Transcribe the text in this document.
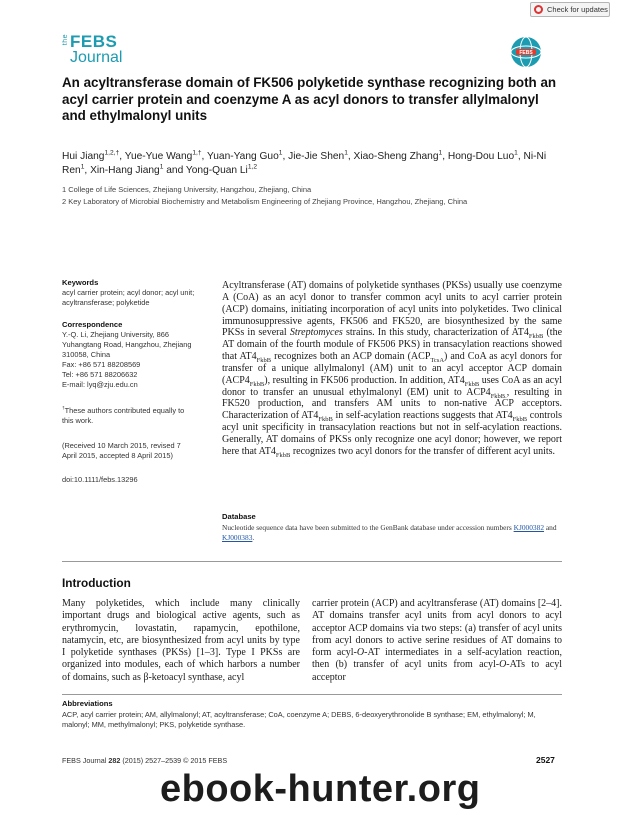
Check for updates
the FEBS
Journal	FEBS
An acyltransferase domain of FK506 polyketide synthase recognizing both an acyl carrier protein and coenzyme A as acyl donors to transfer allylmalonyl and ethylmalonyl units
Hui Jiang$^{1,2,\dagger}$, Yue-Yue Wang$^{1,\dagger}$, Yuan-Yang Guo$^1$, Jie-Jie Shen$^1$, Xiao-Sheng Zhang$^1$, Hong-Dou Luo$^1$, Ni-Ni Ren$^1$, Xin-Hang Jiang$^1$ and Yong-Quan Li$^{1,2}$
1 College of Life Sciences, Zhejiang University, Hangzhou, Zhejiang, China
2 Key Laboratory of Microbial Biochemistry and Metabolism Engineering of Zhejiang Province, Hangzhou, Zhejiang, China
Keywords
acyl carrier protein; acyl donor; acyl unit; acyltransferase; polyketide
Correspondence
Y.-Q. Li, Zhejiang University, 866
Yuhangtang Road, Hangzhou, Zhejiang
310058, China
Fax: +86 571 88208569
Tel: +86 571 88206632
E-mail: lyq@zju.edu.cn
†These authors contributed equally to this work.
(Received 10 March 2015, revised 7 April 2015, accepted 8 April 2015)
doi:10.1111/febs.13296

Acyltransferase (AT) domains of polyketide synthases (PKSs) usually use coenzyme A (CoA) as an acyl donor to transfer common acyl units to acyl carrier protein (ACP) domains, initiating incorporation of acyl units into polyketides. Two clinical immunosuppressive agents, FK506 and FK520, are biosynthesized by the same PKSs in several Streptomyces strains. In this study, characterization of $AT4_{FkbB}$ (the AT domain of the fourth module of FK506 PKS) in transacylation reactions showed that $AT4_{FkbB}$ recognizes both an ACP domain $(ACP_{TcsA})$ and CoA as acyl donors for transfer of a unique allylmalonyl (AM) unit to an acyl acceptor ACP domain $(ACP4_{FkbB})$, resulting in FK506 production. In addition, $AT4_{FkbB}$ uses CoA as an acyl donor to transfer an unusual ethylmalonyl (EM) unit to $ACP4_{FkbB.}$, resulting in FK520 production, and transfers AM units to non-native ACP acceptors. Characterization of $AT4_{FkbB}$ in self-acylation reactions suggests that $AT4_{FkbB}$ controls acyl unit specificity in transacylation reactions but not in self-acylation reactions. Generally, AT domains of PKSs only recognize one acyl donor; however, we report here that $AT4_{FkbB}$ recognizes two acyl donors for the transfer of different acyl units.

Database
Nucleotide sequence data have been submitted to the GenBank database under accession numbers KJ000382 and KJ000383.
Introduction

Many polyketides, which include many clinically important drugs and biological active agents, such as erythromycin, lovastatin, rapamycin, epothilone, natamycin, etc, are biosynthesized from acyl units by type I polyketide synthases (PKSs) [1–3]. Type I PKSs are organized into modules, each of which harbors a number of domains, such as β-ketoacyl synthase, acyl

carrier protein (ACP) and acyltransferase (AT) domains [2–4]. AT domains transfer acyl units from acyl donors to acyl acceptor ACP domains via two steps: (a) transfer of acyl units from acyl donors to active serine residues of AT domains to form acyl-O-AT intermediates in a self-acylation reaction, then (b) transfer of acyl units from acyl-O-ATs to acyl acceptor

Abbreviations
ACP, acyl carrier protein; AM, allylmalonyl; AT, acyltransferase; CoA, coenzyme A; DEBS, 6-deoxyerythronolide B synthase; EM, ethylmalonyl; M, malonyl; MM, methylmalonyl; PKS, polyketide synthase.
FEBS Journal 282 (2015) 2527–2539 © 2015 FEBS	2527
ebook-hunter.org
